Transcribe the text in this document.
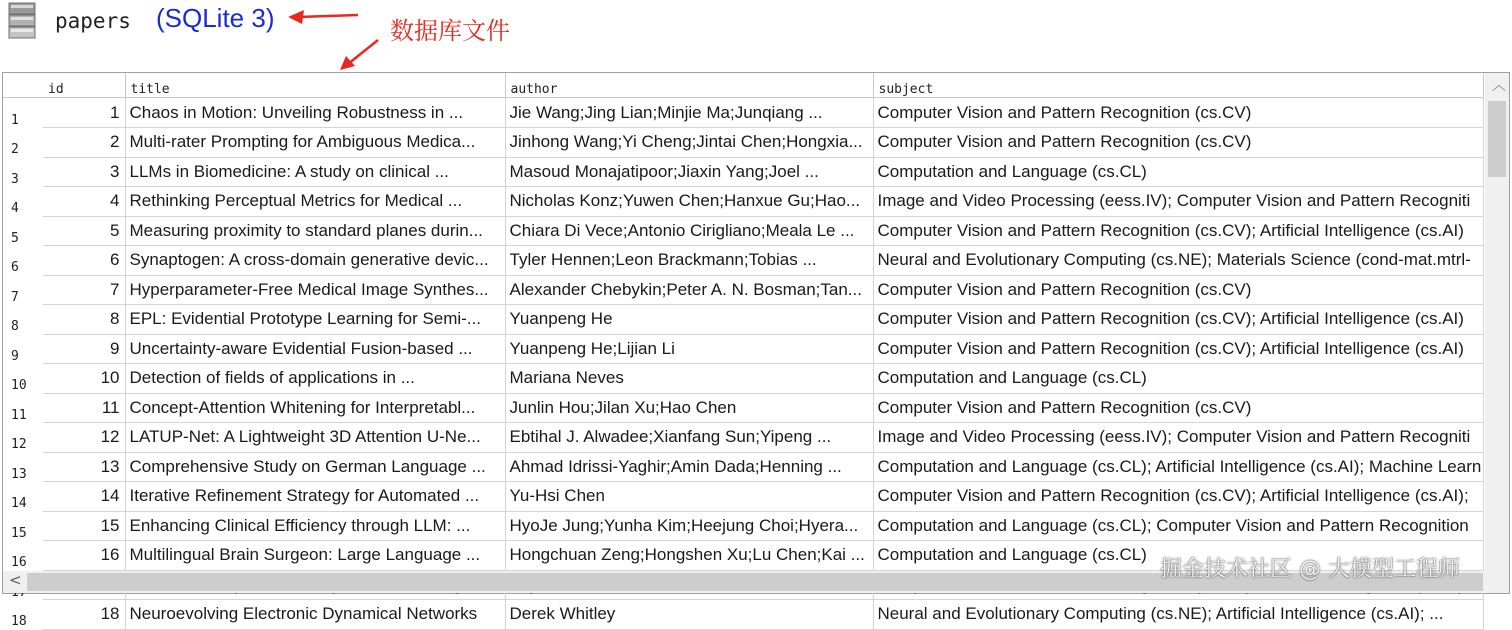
papers (SQLite 3)	数据库文件
	id	title	author	subject
1	1	Chaos in Motion: Unveiling Robustness in ...	Jie Wang;Jing Lian;Minjie Ma;Junqiang ...	Computer Vision and Pattern Recognition (cs.CV)
2	2	Multi-rater Prompting for Ambiguous Medica...	Jinhong Wang;Yi Cheng;Jintai Chen;Hongxia...	Computer Vision and Pattern Recognition (cs.CV)
3	3	LLMs in Biomedicine: A study on clinical ...	Masoud Monajatipoor;Jiaxin Yang;Joel ...	Computation and Language (cs.CL)
4	4	Rethinking Perceptual Metrics for Medical ...	Nicholas Konz;Yuwen Chen;Hanxue Gu;Hao...	Image and Video Processing (eess.IV); Computer Vision and Pattern Recogniti
5	5	Measuring proximity to standard planes durin...	Chiara Di Vece;Antonio Cirigliano;Meala Le ...	Computer Vision and Pattern Recognition (cs.CV); Artificial Intelligence (cs.AI)
6	6	Synaptogen: A cross-domain generative devic...	Tyler Hennen;Leon Brackmann;Tobias ...	Neural and Evolutionary Computing (cs.NE); Materials Science (cond-mat.mtrl-
7	7	Hyperparameter-Free Medical Image Synthes...	Alexander Chebykin;Peter A. N. Bosman;Tan...	Computer Vision and Pattern Recognition (cs.CV)
8	8	EPL: Evidential Prototype Learning for Semi-...	Yuanpeng He	Computer Vision and Pattern Recognition (cs.CV); Artificial Intelligence (cs.AI)
9	9	Uncertainty-aware Evidential Fusion-based ...	Yuanpeng He;Lijian Li	Computer Vision and Pattern Recognition (cs.CV); Artificial Intelligence (cs.AI)
10	10	Detection of fields of applications in ...	Mariana Neves	Computation and Language (cs.CL)
11	11	Concept-Attention Whitening for Interpretabl...	Junlin Hou;Jilan Xu;Hao Chen	Computer Vision and Pattern Recognition (cs.CV)
12	12	LATUP-Net: A Lightweight 3D Attention U-Ne...	Ebtihal J. Alwadee;Xianfang Sun;Yipeng ...	Image and Video Processing (eess.IV); Computer Vision and Pattern Recogniti
13	13	Comprehensive Study on German Language ...	Ahmad Idrissi-Yaghir;Amin Dada;Henning ...	Computation and Language (cs.CL); Artificial Intelligence (cs.AI); Machine Learn
14	14	Iterative Refinement Strategy for Automated ...	Yu-Hsi Chen	Computer Vision and Pattern Recognition (cs.CV); Artificial Intelligence (cs.AI);
15	15	Enhancing Clinical Efficiency through LLM: ...	HyoJe Jung;Yunha Kim;Heejung Choi;Hyera...	Computation and Language (cs.CL); Computer Vision and Pattern Recognition
16	16	Multilingual Brain Surgeon: Large Language ...	Hongchuan Zeng;Hongshen Xu;Lu Chen;Kai ...	Computation and Language (cs.CL)

18	18	Neuroevolving Electronic Dynamical Networks	Derek Whitley	Neural and Evolutionary Computing (cs.NE); Artificial Intelligence (cs.AI); ...
︿
<	掘金技术社区 @ 大模型工程师
